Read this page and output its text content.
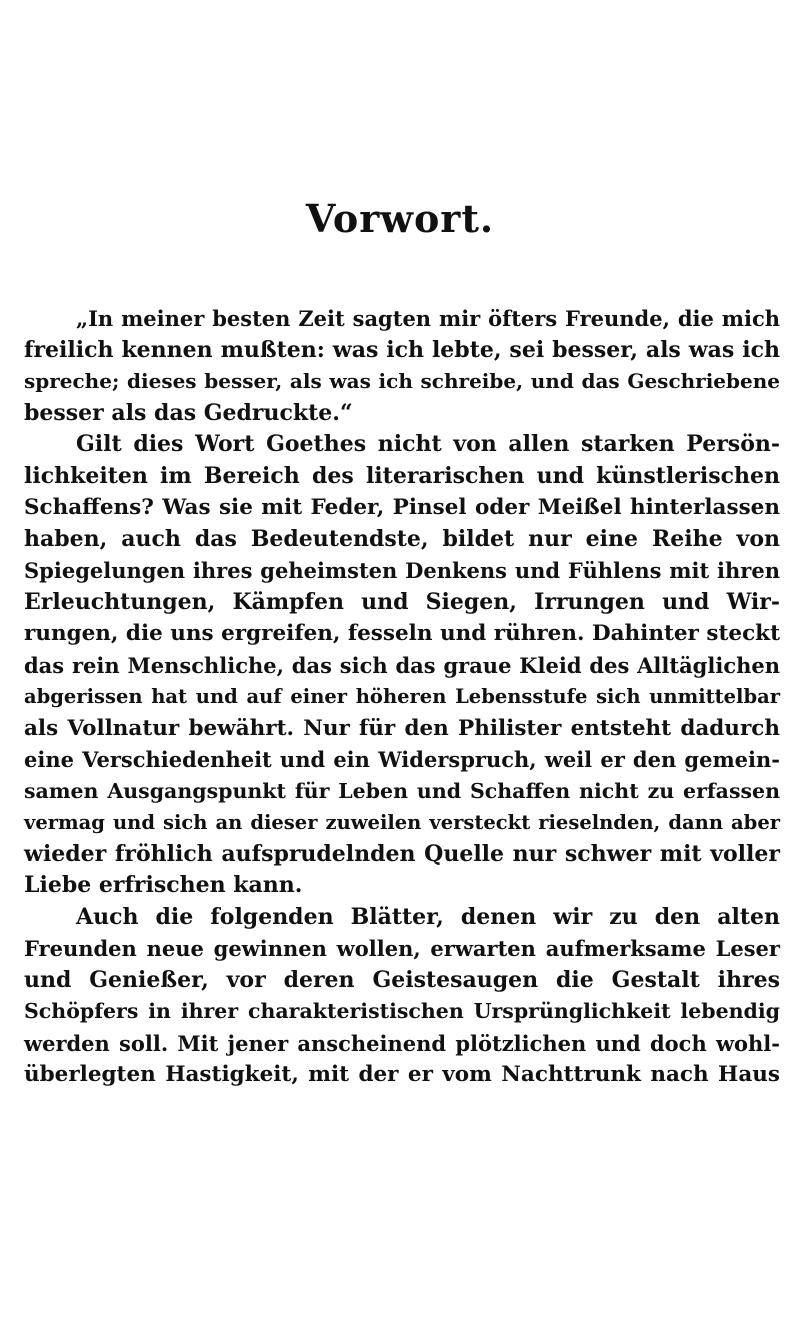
Vorwort.
„In meiner besten Zeit sagten mir öfters Freunde, die mich
freilich kennen mußten: was ich lebte, sei besser, als was ich
spreche; dieses besser, als was ich schreibe, und das Geschriebene
besser als das Gedruckte.“
Gilt dies Wort Goethes nicht von allen starken Persön-
lichkeiten im Bereich des literarischen und künstlerischen
Schaffens? Was sie mit Feder, Pinsel oder Meißel hinterlassen
haben, auch das Bedeutendste, bildet nur eine Reihe von
Spiegelungen ihres geheimsten Denkens und Fühlens mit ihren
Erleuchtungen, Kämpfen und Siegen, Irrungen und Wir-
rungen, die uns ergreifen, fesseln und rühren. Dahinter steckt
das rein Menschliche, das sich das graue Kleid des Alltäglichen
abgerissen hat und auf einer höheren Lebensstufe sich unmittelbar
als Vollnatur bewährt. Nur für den Philister entsteht dadurch
eine Verschiedenheit und ein Widerspruch, weil er den gemein-
samen Ausgangspunkt für Leben und Schaffen nicht zu erfassen
vermag und sich an dieser zuweilen versteckt rieselnden, dann aber
wieder fröhlich aufsprudelnden Quelle nur schwer mit voller
Liebe erfrischen kann.
Auch die folgenden Blätter, denen wir zu den alten
Freunden neue gewinnen wollen, erwarten aufmerksame Leser
und Genießer, vor deren Geistesaugen die Gestalt ihres
Schöpfers in ihrer charakteristischen Ursprünglichkeit lebendig
werden soll. Mit jener anscheinend plötzlichen und doch wohl-
überlegten Hastigkeit, mit der er vom Nachttrunk nach Haus
